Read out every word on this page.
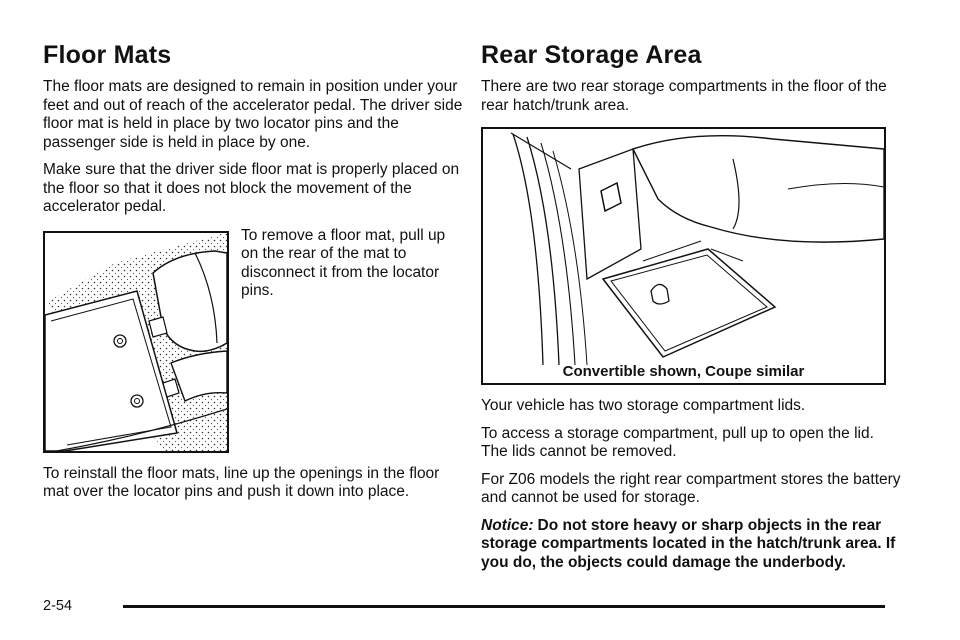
Floor Mats

The floor mats are designed to remain in position under your feet and out of reach of the accelerator pedal. The driver side floor mat is held in place by two locator pins and the passenger side is held in place by one.

Make sure that the driver side floor mat is properly placed on the floor so that it does not block the movement of the accelerator pedal.

To remove a floor mat, pull up on the rear of the mat to disconnect it from the locator pins.

To reinstall the floor mats, line up the openings in the floor mat over the locator pins and push it down into place.

Rear Storage Area

There are two rear storage compartments in the floor of the rear hatch/trunk area.

Convertible shown, Coupe similar

Your vehicle has two storage compartment lids.

To access a storage compartment, pull up to open the lid. The lids cannot be removed.

For Z06 models the right rear compartment stores the battery and cannot be used for storage.

Notice: Do not store heavy or sharp objects in the rear storage compartments located in the hatch/trunk area. If you do, the objects could damage the underbody.

2-54
